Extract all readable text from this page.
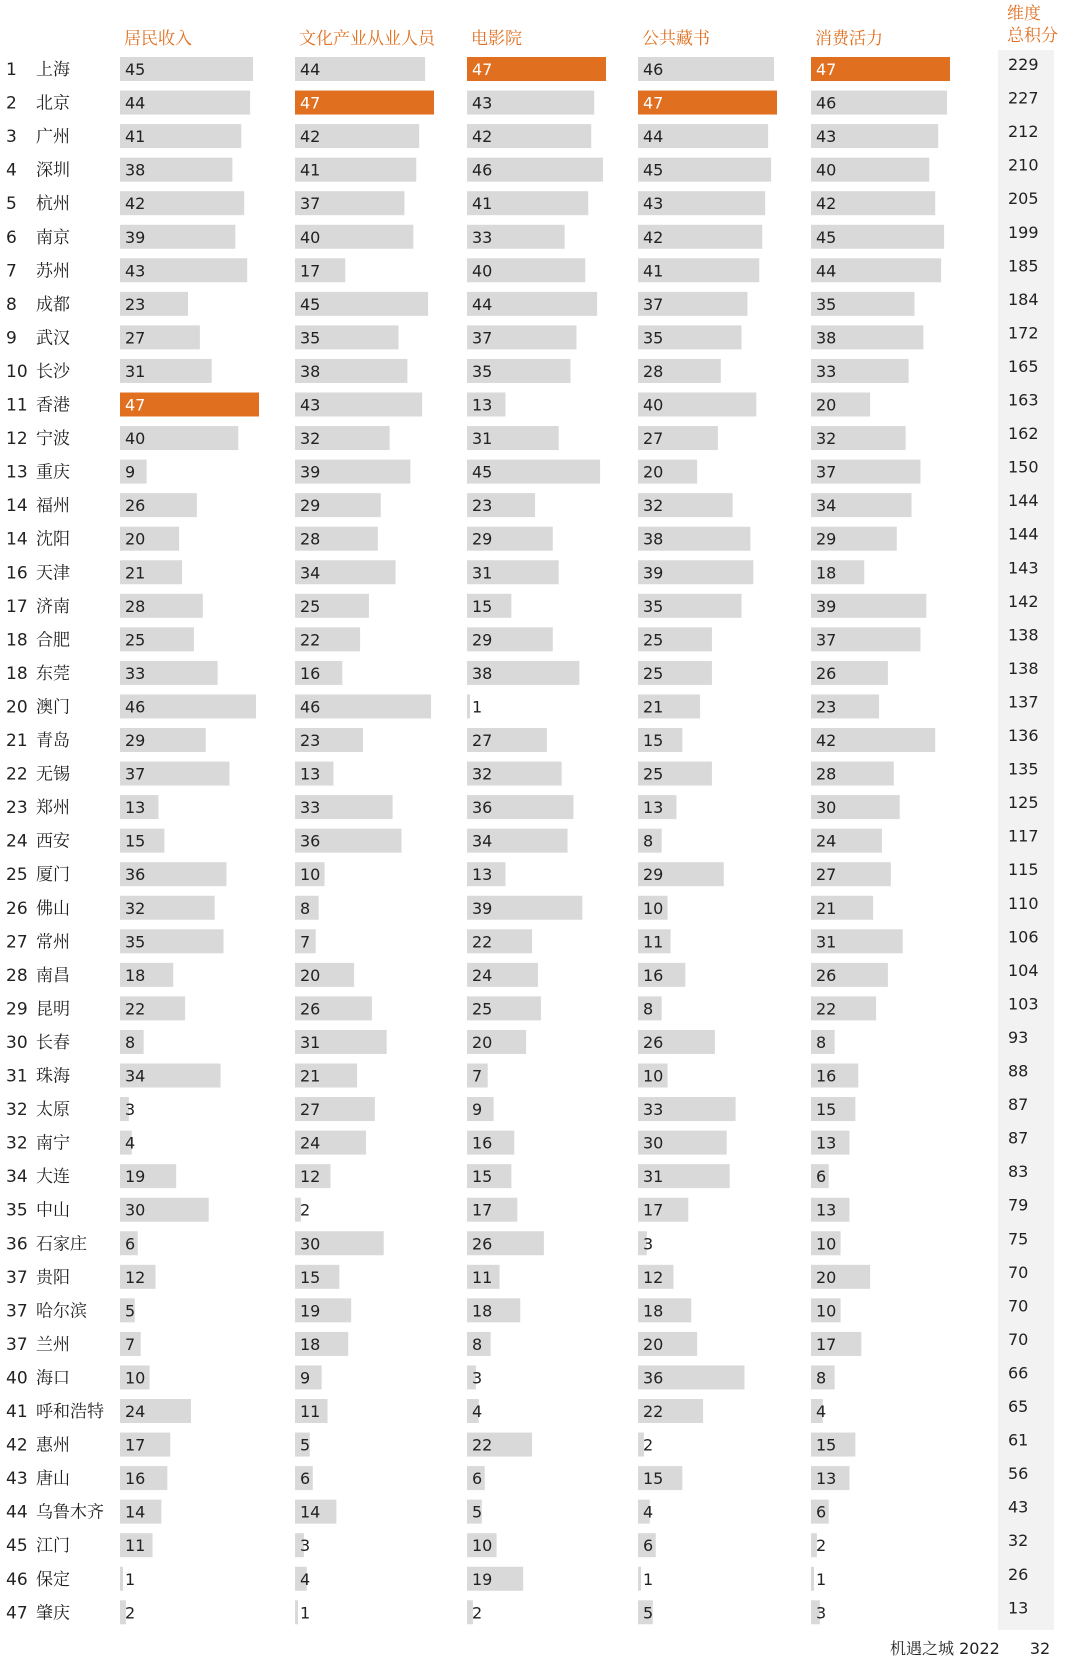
居民收入	文化产业从业人员 电影院	公共藏书	消费活力
维度
总积分
1 上海	45	44	47	46	47	229
2 北京	44	47	43	47	46	227
3 广州	41	42	42	44	43	212
4 深圳	38	41	46	45	40	210
5 杭州	42	37	41	43	42	205
6 南京	39	40	33	42	45	199
7 苏州	43	17	40	41	44	185
8 成都	23	45	44	37	35	184
9 武汉	27	35	37	35	38	172
10 长沙	31	38	35	28	33	165
11 香港	47	43	13	40	20	163
12 宁波	40	32	31	27	32	162
13 重庆	9	39	45	20	37	150
14 福州	26	29	23	32	34	144
14 沈阳	20	28	29	38	29	144
16 天津	21	34	31	39	18	143
17 济南	28	25	15	35	39	142
18 合肥	25	22	29	25	37	138
18 东莞	33	16	38	25	26	138
20 澳门	46	46	1	21	23	137
21 青岛	29	23	27	15	42	136
22 无锡	37	13	32	25	28	135
23 郑州	13	33	36	13	30	125
24 西安	15	36	34	8	24	117
25 厦门	36	10	13	29	27	115
26 佛山	32	8	39	10	21	110
27 常州	35	7	22	11	31	106
28 南昌	18	20	24	16	26	104
29 昆明	22	26	25	8	22	103
30 长春	8	31	20	26	8	93
31 珠海	34	21	7	10	16	88
32 太原	3	27	9	33	15	87
32 南宁	4	24	16	30	13	87
34 大连	19	12	15	31	6	83
35 中山	30	2	17	17	13	79
36 石家庄 6	30	26	3	10	75
37 贵阳	12	15	11	12	20	70
37 哈尔滨 5	19	18	18	10	70
37 兰州	7	18	8	20	17	70
40 海口	10	9	3	36	8	66
41 呼和浩特 24	11	4	22	4	65
42 惠州	17	5	22	2	15	61
43 唐山	16	6	6	15	13	56
44 乌鲁木齐 14	14	5	4	6	43
45 江门	11	3	10	6	2	32
46 保定	1	4	19	1	1	26
47 肇庆	2	1	2	5	3	13
机遇之城 2022 32
